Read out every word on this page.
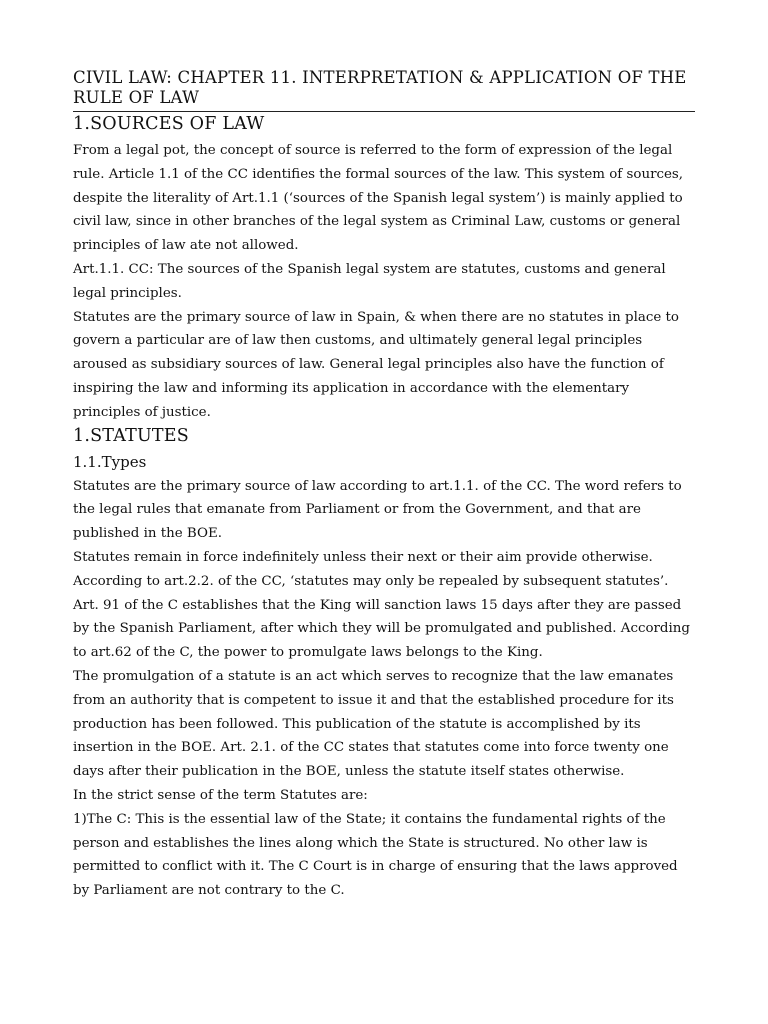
CIVIL LAW: CHAPTER 11. INTERPRETATION & APPLICATION OF THE RULE OF LAW
1.SOURCES OF LAW

From a legal pot, the concept of source is referred to the form of expression of the legal rule. Article 1.1 of the CC identifies the formal sources of the law. This system of sources, despite the literality of Art.1.1 (‘sources of the Spanish legal system’) is mainly applied to civil law, since in other branches of the legal system as Criminal Law, customs or general principles of law ate not allowed.

Art.1.1. CC: The sources of the Spanish legal system are statutes, customs and general legal principles.

Statutes are the primary source of law in Spain, & when there are no statutes in place to govern a particular are of law then customs, and ultimately general legal principles aroused as subsidiary sources of law. General legal principles also have the function of inspiring the law and informing its application in accordance with the elementary principles of justice.

1.STATUTES
1.1.Types

Statutes are the primary source of law according to art.1.1. of the CC. The word refers to the legal rules that emanate from Parliament or from the Government, and that are published in the BOE.

Statutes remain in force indefinitely unless their next or their aim provide otherwise. According to art.2.2. of the CC, ‘statutes may only be repealed by subsequent statutes’. Art. 91 of the C establishes that the King will sanction laws 15 days after they are passed by the Spanish Parliament, after which they will be promulgated and published. According to art.62 of the C, the power to promulgate laws belongs to the King.

The promulgation of a statute is an act which serves to recognize that the law emanates from an authority that is competent to issue it and that the established procedure for its production has been followed. This publication of the statute is accomplished by its insertion in the BOE. Art. 2.1. of the CC states that statutes come into force twenty one days after their publication in the BOE, unless the statute itself states otherwise.

In the strict sense of the term Statutes are:

1)The C: This is the essential law of the State; it contains the fundamental rights of the person and establishes the lines along which the State is structured. No other law is permitted to conflict with it. The C Court is in charge of ensuring that the laws approved by Parliament are not contrary to the C.
